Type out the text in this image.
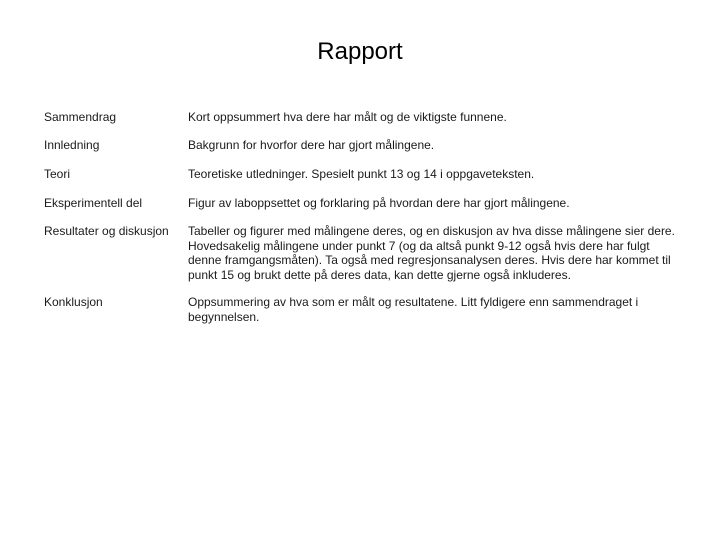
Rapport
Sammendrag	Kort oppsummert hva dere har målt og de viktigste funnene.
Innledning	Bakgrunn for hvorfor dere har gjort målingene.
Teori	Teoretiske utledninger. Spesielt punkt 13 og 14 i oppgaveteksten.
Eksperimentell del	Figur av laboppsettet og forklaring på hvordan dere har gjort målingene.
Resultater og diskusjon	Tabeller og figurer med målingene deres, og en diskusjon av hva disse målingene sier dere. Hovedsakelig målingene under punkt 7 (og da altså punkt 9-12 også hvis dere har fulgt denne framgangsmåten). Ta også med regresjonsanalysen deres. Hvis dere har kommet til punkt 15 og brukt dette på deres data, kan dette gjerne også inkluderes.
Konklusjon	Oppsummering av hva som er målt og resultatene. Litt fyldigere enn sammendraget i begynnelsen.
